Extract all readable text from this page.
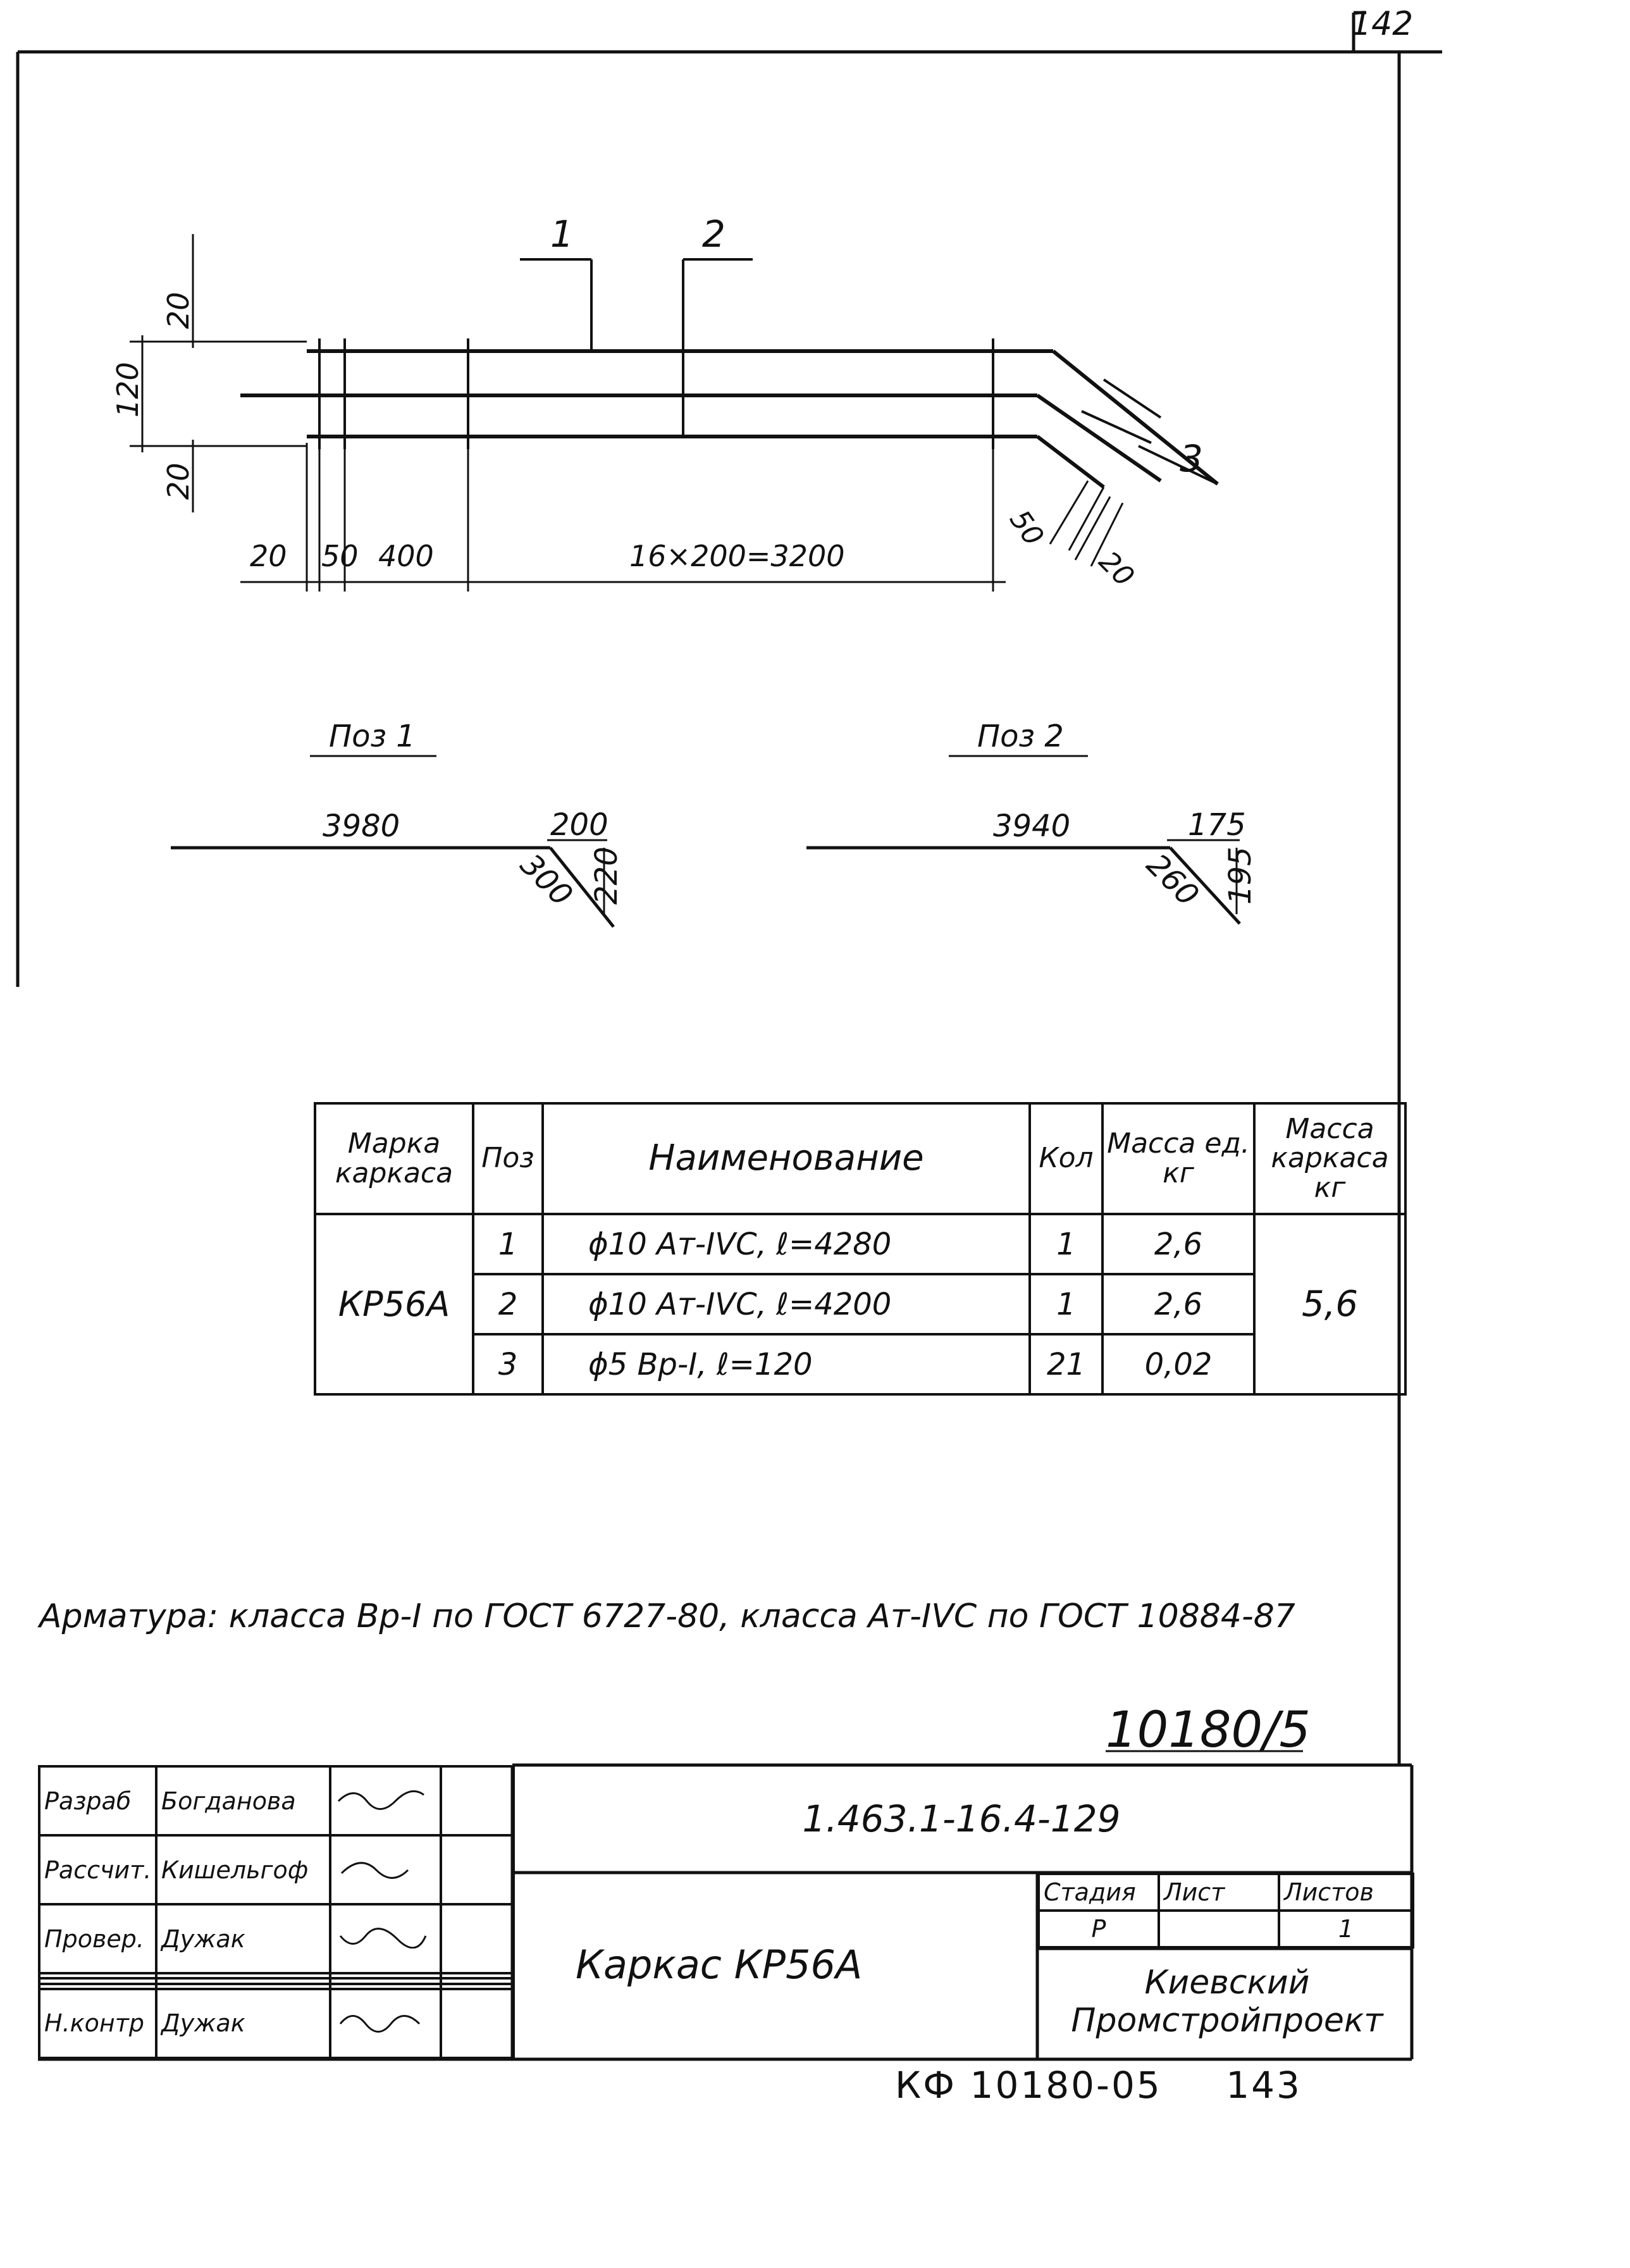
1	2
3
20
120
20
20 50 400	16×200=3200
50
20
Поз 1
3980	200
300 220
Поз 2
3940	175
260 195
142
Марка каркаса	Поз	Наименование	Кол	Масса ед. кг	Масса каркаса кг
КР56А	1	ϕ10 Aт-IVC, ℓ=4280	1	2,6	5,6
	2	ϕ10 Aт-IVC, ℓ=4200	1	2,6	
	3	ϕ5 Bp-I, ℓ=120	21	0,02	
Арматура: класса Вр-I по ГОСТ 6727-80, класса Ат-IVC по ГОСТ 10884-87
10180/5
Разраб	Богданова		
Рассчит.	Кишельгоф		
Провер.	Дужак		

Н.контр	Дужак		
1.463.1-16.4-129
Каркас КР56А
Стадия	Лист	Листов
Р		1
Киевский
Промстройпроект
КФ 10180-05 143
